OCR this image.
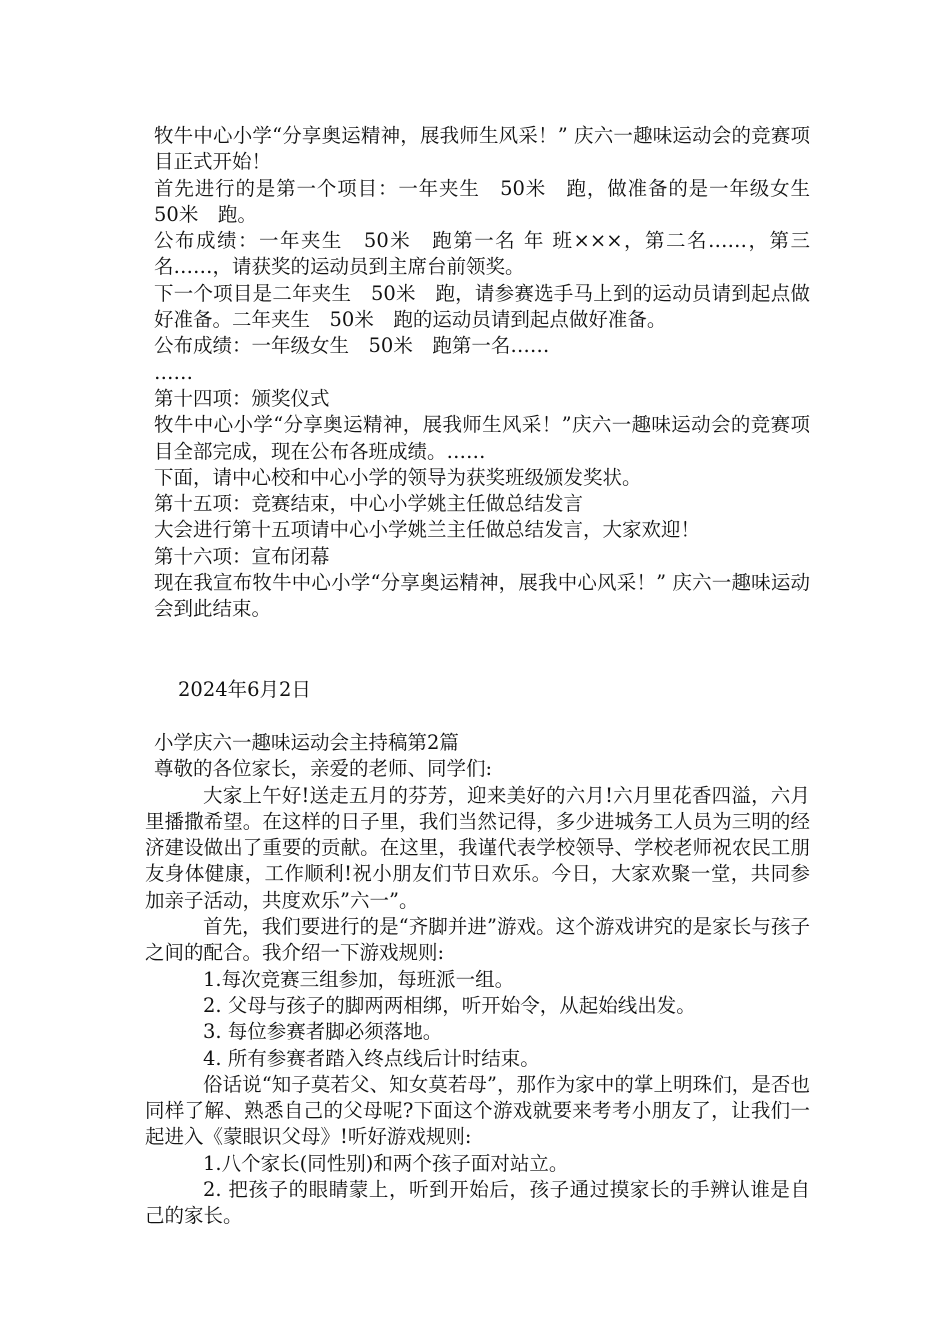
牧牛中心小学“分享奥运精神，展我师生风采！” 庆六一趣味运动会的竞赛项目正式开始！

首先进行的是第一个项目：一年夹生　50米　跑，做准备的是一年级女生　50米　跑。

公布成绩：一年夹生　50米　跑第一名 年 班×××，第二名……，第三名……，请获奖的运动员到主席台前领奖。

下一个项目是二年夹生　50米　跑，请参赛选手马上到的运动员请到起点做好准备。二年夹生　50米　跑的运动员请到起点做好准备。

公布成绩：一年级女生　50米　跑第一名……

……

第十四项：颁奖仪式

牧牛中心小学“分享奥运精神，展我师生风采！”庆六一趣味运动会的竞赛项目全部完成，现在公布各班成绩。……

下面，请中心校和中心小学的领导为获奖班级颁发奖状。

第十五项：竞赛结束，中心小学姚主任做总结发言

大会进行第十五项请中心小学姚兰主任做总结发言，大家欢迎！

第十六项：宣布闭幕

现在我宣布牧牛中心小学“分享奥运精神，展我中心风采！” 庆六一趣味运动会到此结束。

2024年6月2日

小学庆六一趣味运动会主持稿第2篇

尊敬的各位家长，亲爱的老师、同学们:

大家上午好!送走五月的芬芳，迎来美好的六月!六月里花香四溢，六月里播撒希望。在这样的日子里，我们当然记得，多少进城务工人员为三明的经济建设做出了重要的贡献。在这里，我谨代表学校领导、学校老师祝农民工朋友身体健康，工作顺利!祝小朋友们节日欢乐。今日，大家欢聚一堂，共同参加亲子活动，共度欢乐”六一”。

首先，我们要进行的是“齐脚并进”游戏。这个游戏讲究的是家长与孩子之间的配合。我介绍一下游戏规则:

1.每次竞赛三组参加，每班派一组。

2. 父母与孩子的脚两两相绑，听开始令，从起始线出发。

3. 每位参赛者脚必须落地。

4. 所有参赛者踏入终点线后计时结束。

俗话说“知子莫若父、知女莫若母”，那作为家中的掌上明珠们，是否也同样了解、熟悉自己的父母呢?下面这个游戏就要来考考小朋友了，让我们一起进入《蒙眼识父母》!听好游戏规则:

1.八个家长(同性别)和两个孩子面对站立。

2. 把孩子的眼睛蒙上，听到开始后，孩子通过摸家长的手辨认谁是自己的家长。
